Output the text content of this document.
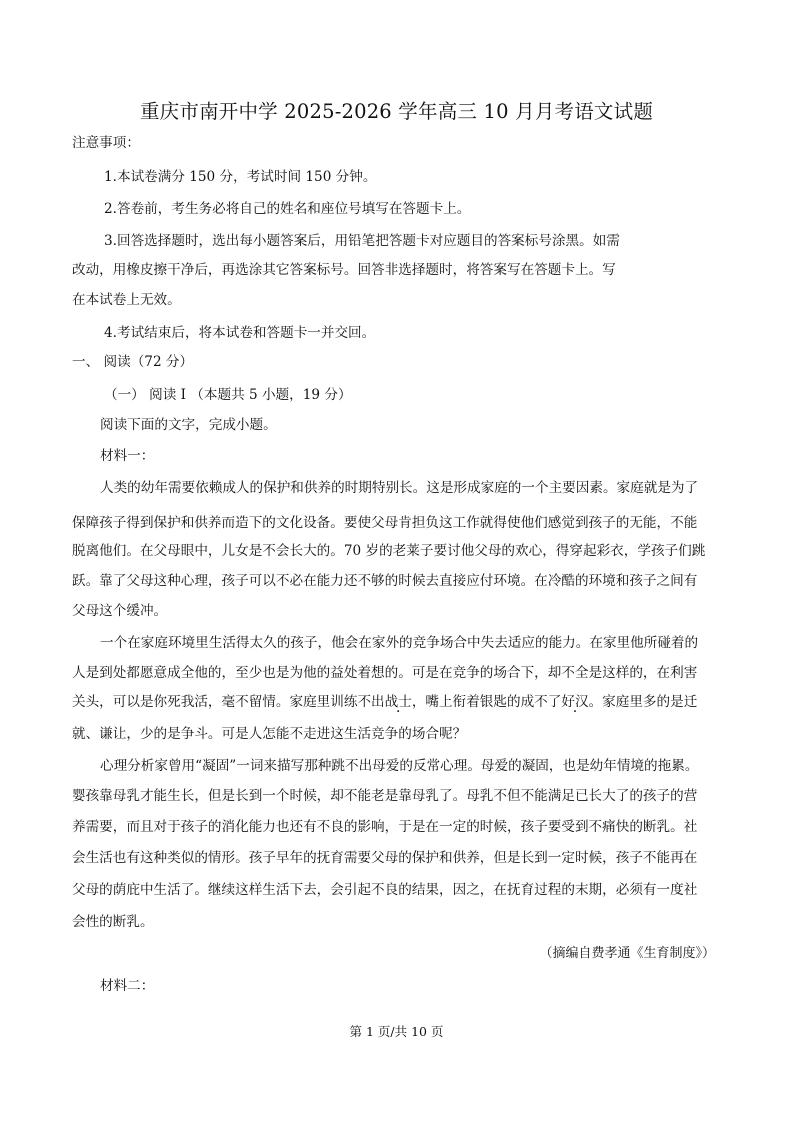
重庆市南开中学 2025-2026 学年高三 10 月月考语文试题
注意事项：
1.本试卷满分 150 分，考试时间 150 分钟。
2.答卷前，考生务必将自己的姓名和座位号填写在答题卡上。
3.回答选择题时，选出每小题答案后，用铅笔把答题卡对应题目的答案标号涂黑。如需
改动，用橡皮擦干净后，再选涂其它答案标号。回答非选择题时，将答案写在答题卡上。写
在本试卷上无效。
4.考试结束后，将本试卷和答题卡一并交回。
一、 阅读（72 分）
（一） 阅读 I （本题共 5 小题，19 分）
阅读下面的文字，完成小题。
材料一：
人类的幼年需要依赖成人的保护和供养的时期特别长。这是形成家庭的一个主要因素。家庭就是为了
保障孩子得到保护和供养而造下的文化设备。要使父母肯担负这工作就得使他们感觉到孩子的无能，不能
脱离他们。在父母眼中，儿女是不会长大的。70 岁的老莱子要讨他父母的欢心，得穿起彩衣，学孩子们跳
跃。靠了父母这种心理，孩子可以不必在能力还不够的时候去直接应付环境。在冷酷的环境和孩子之间有
父母这个缓冲。
一个在家庭环境里生活得太久的孩子，他会在家外的竞争场合中失去适应的能力。在家里他所碰着的
人是到处都愿意成全他的，至少也是为他的益处着想的。可是在竞争的场合下，却不全是这样的，在利害
关头，可以是你死我活，毫不留情。家庭里训练不出战士，嘴上衔着银匙的成不了好汉。家庭里多的是迁
就、谦让，少的是争斗。可是人怎能不走进这生活竞争的场合呢？
心理分析家曾用“凝固”一词来描写那种跳不出母爱的反常心理。母爱的凝固，也是幼年情境的拖累。
婴孩靠母乳才能生长，但是长到一个时候，却不能老是靠母乳了。母乳不但不能满足已长大了的孩子的营
养需要，而且对于孩子的消化能力也还有不良的影响，于是在一定的时候，孩子要受到不痛快的断乳。社
会生活也有这种类似的情形。孩子早年的抚育需要父母的保护和供养，但是长到一定时候，孩子不能再在
父母的荫庇中生活了。继续这样生活下去，会引起不良的结果，因之，在抚育过程的末期，必须有一度社
会性的断乳。
（摘编自费孝通《生育制度》）
材料二：
第 1 页/共 10 页
